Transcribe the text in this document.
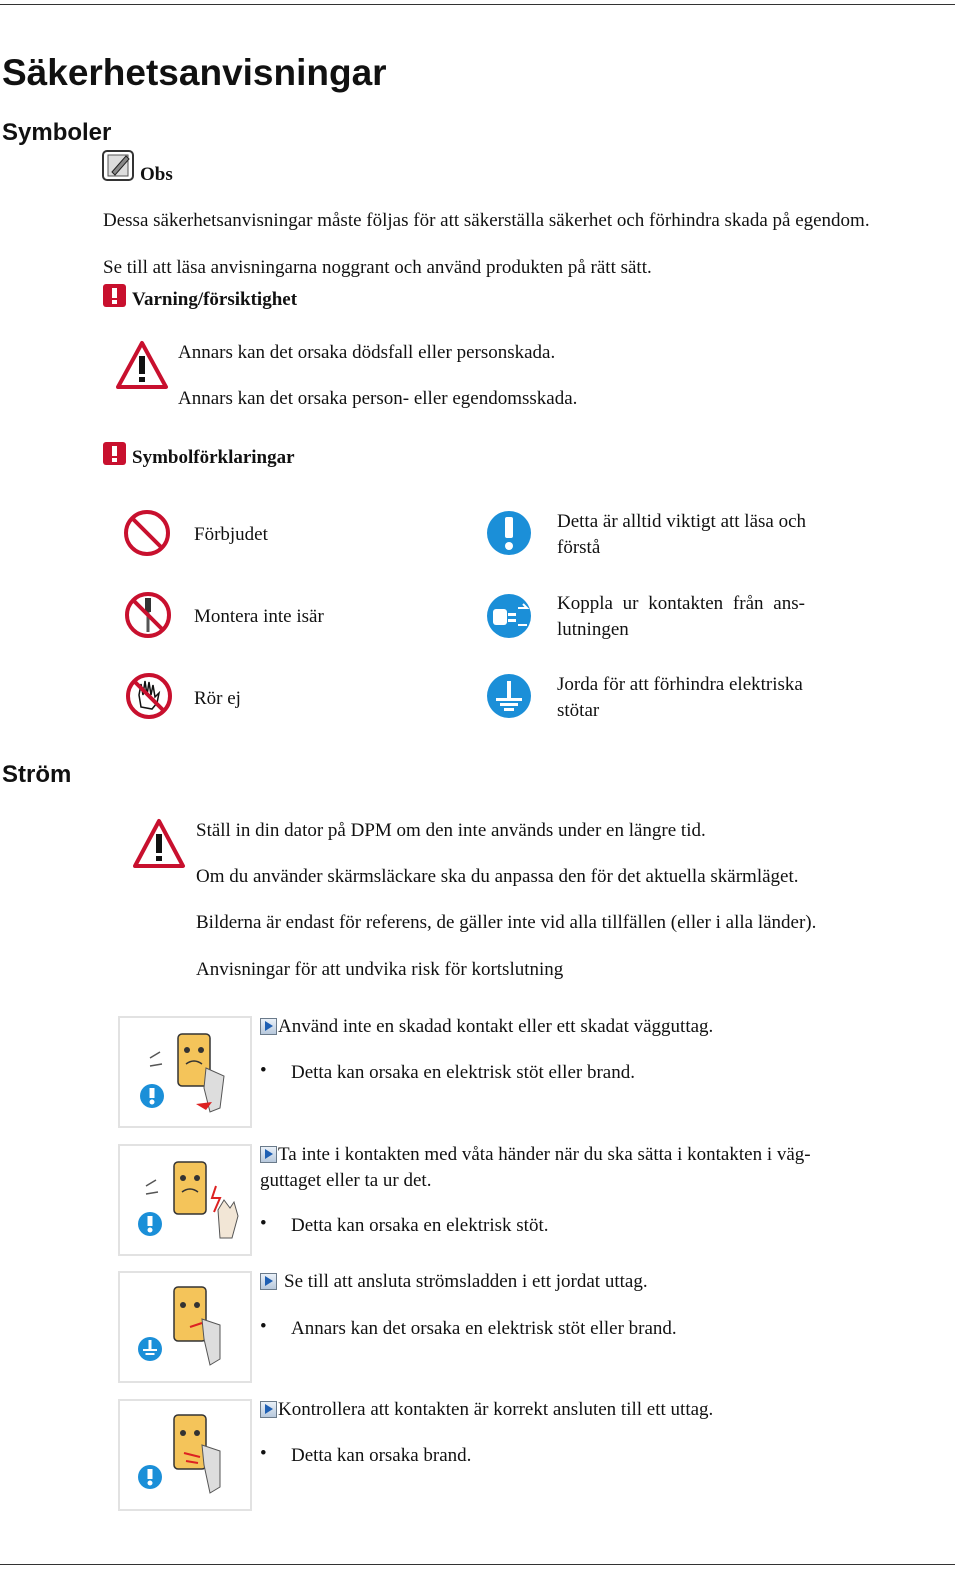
Säkerhetsanvisningar
Symboler
Obs
Dessa säkerhetsanvisningar måste följas för att säkerställa säkerhet och förhindra skada på egendom.
Se till att läsa anvisningarna noggrant och använd produkten på rätt sätt.
Varning/försiktighet
Annars kan det orsaka dödsfall eller personskada.
Annars kan det orsaka person- eller egendomsskada.
Symbolförklaringar
Förbjudet
Detta är alltid viktigt att läsa och
förstå
Montera inte isär
Koppla ur kontakten från ans-
lutningen
Rör ej
Jorda för att förhindra elektriska
stötar
Ström
Ställ in din dator på DPM om den inte används under en längre tid.
Om du använder skärmsläckare ska du anpassa den för det aktuella skärmläget.
Bilderna är endast för referens, de gäller inte vid alla tillfällen (eller i alla länder).
Anvisningar för att undvika risk för kortslutning
Använd inte en skadad kontakt eller ett skadat vägguttag.
• Detta kan orsaka en elektrisk stöt eller brand.
Ta inte i kontakten med våta händer när du ska sätta i kontakten i väg-
guttaget eller ta ur det.
• Detta kan orsaka en elektrisk stöt.
Se till att ansluta strömsladden i ett jordat uttag.
• Annars kan det orsaka en elektrisk stöt eller brand.
Kontrollera att kontakten är korrekt ansluten till ett uttag.
• Detta kan orsaka brand.
